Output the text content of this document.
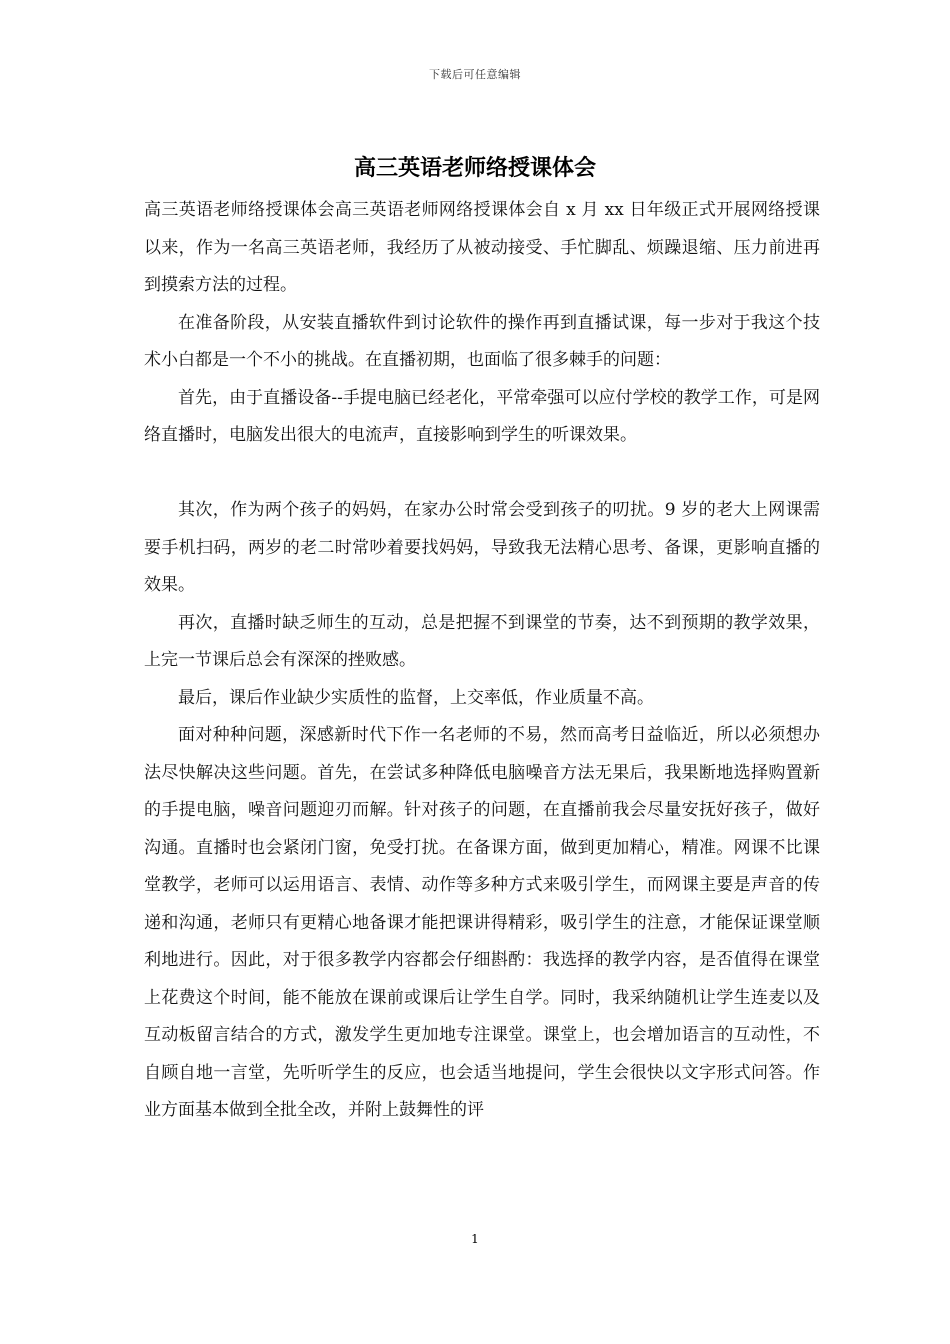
下载后可任意编辑
高三英语老师络授课体会

高三英语老师络授课体会高三英语老师网络授课体会自 x 月 xx 日年级正式开展网络授课以来，作为一名高三英语老师，我经历了从被动接受、手忙脚乱、烦躁退缩、压力前进再到摸索方法的过程。

在准备阶段，从安装直播软件到讨论软件的操作再到直播试课，每一步对于我这个技术小白都是一个不小的挑战。在直播初期，也面临了很多棘手的问题：

首先，由于直播设备--手提电脑已经老化，平常牵强可以应付学校的教学工作，可是网络直播时，电脑发出很大的电流声，直接影响到学生的听课效果。

其次，作为两个孩子的妈妈，在家办公时常会受到孩子的叨扰。9 岁的老大上网课需要手机扫码，两岁的老二时常吵着要找妈妈，导致我无法精心思考、备课，更影响直播的效果。

再次，直播时缺乏师生的互动，总是把握不到课堂的节奏，达不到预期的教学效果，上完一节课后总会有深深的挫败感。

最后，课后作业缺少实质性的监督，上交率低，作业质量不高。

面对种种问题，深感新时代下作一名老师的不易，然而高考日益临近，所以必须想办法尽快解决这些问题。首先，在尝试多种降低电脑噪音方法无果后，我果断地选择购置新的手提电脑，噪音问题迎刃而解。针对孩子的问题，在直播前我会尽量安抚好孩子，做好沟通。直播时也会紧闭门窗，免受打扰。在备课方面，做到更加精心，精准。网课不比课堂教学，老师可以运用语言、表情、动作等多种方式来吸引学生，而网课主要是声音的传递和沟通，老师只有更精心地备课才能把课讲得精彩，吸引学生的注意，才能保证课堂顺利地进行。因此，对于很多教学内容都会仔细斟酌：我选择的教学内容，是否值得在课堂上花费这个时间，能不能放在课前或课后让学生自学。同时，我采纳随机让学生连麦以及互动板留言结合的方式，激发学生更加地专注课堂。课堂上，也会增加语言的互动性，不自顾自地一言堂，先听听学生的反应，也会适当地提问，学生会很快以文字形式问答。作业方面基本做到全批全改，并附上鼓舞性的评

1
